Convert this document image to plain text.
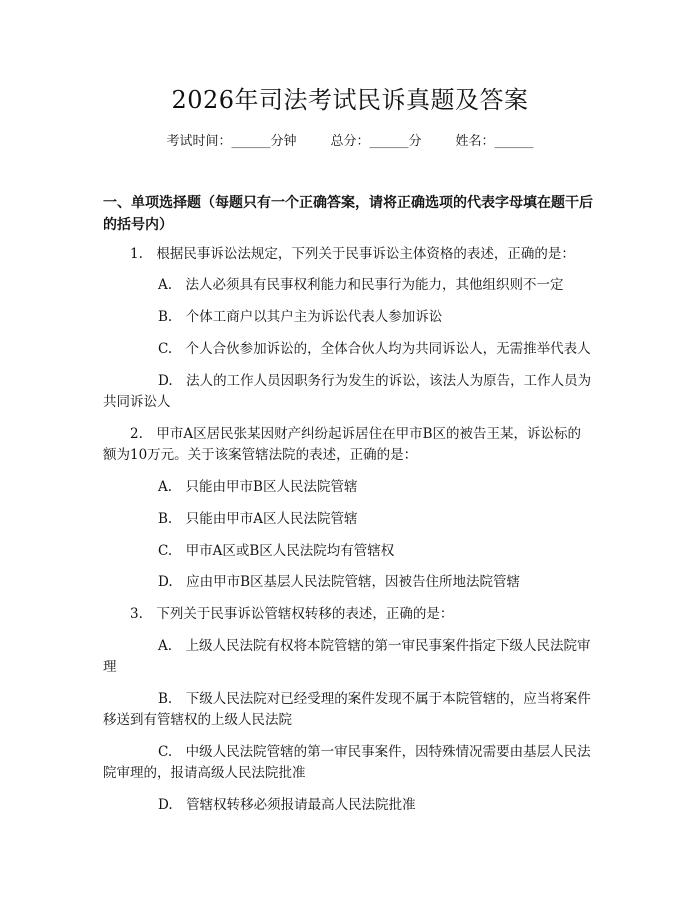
2026年司法考试民诉真题及答案
考试时间：______分钟	总分：______分	姓名：______
一、单项选择题（每题只有一个正确答案，请将正确选项的代表字母填在题干后
的括号内）
1.　根据民事诉讼法规定，下列关于民事诉讼主体资格的表述，正确的是：
A.　法人必须具有民事权利能力和民事行为能力，其他组织则不一定
B.　个体工商户以其户主为诉讼代表人参加诉讼
C.　个人合伙参加诉讼的，全体合伙人均为共同诉讼人，无需推举代表人
D.　法人的工作人员因职务行为发生的诉讼，该法人为原告，工作人员为
共同诉讼人
2.　甲市A区居民张某因财产纠纷起诉居住在甲市B区的被告王某，诉讼标的
额为10万元。关于该案管辖法院的表述，正确的是：
A.　只能由甲市B区人民法院管辖
B.　只能由甲市A区人民法院管辖
C.　甲市A区或B区人民法院均有管辖权
D.　应由甲市B区基层人民法院管辖，因被告住所地法院管辖
3.　下列关于民事诉讼管辖权转移的表述，正确的是：
A.　上级人民法院有权将本院管辖的第一审民事案件指定下级人民法院审
理
B.　下级人民法院对已经受理的案件发现不属于本院管辖的，应当将案件
移送到有管辖权的上级人民法院
C.　中级人民法院管辖的第一审民事案件，因特殊情况需要由基层人民法
院审理的，报请高级人民法院批准
D.　管辖权转移必须报请最高人民法院批准
